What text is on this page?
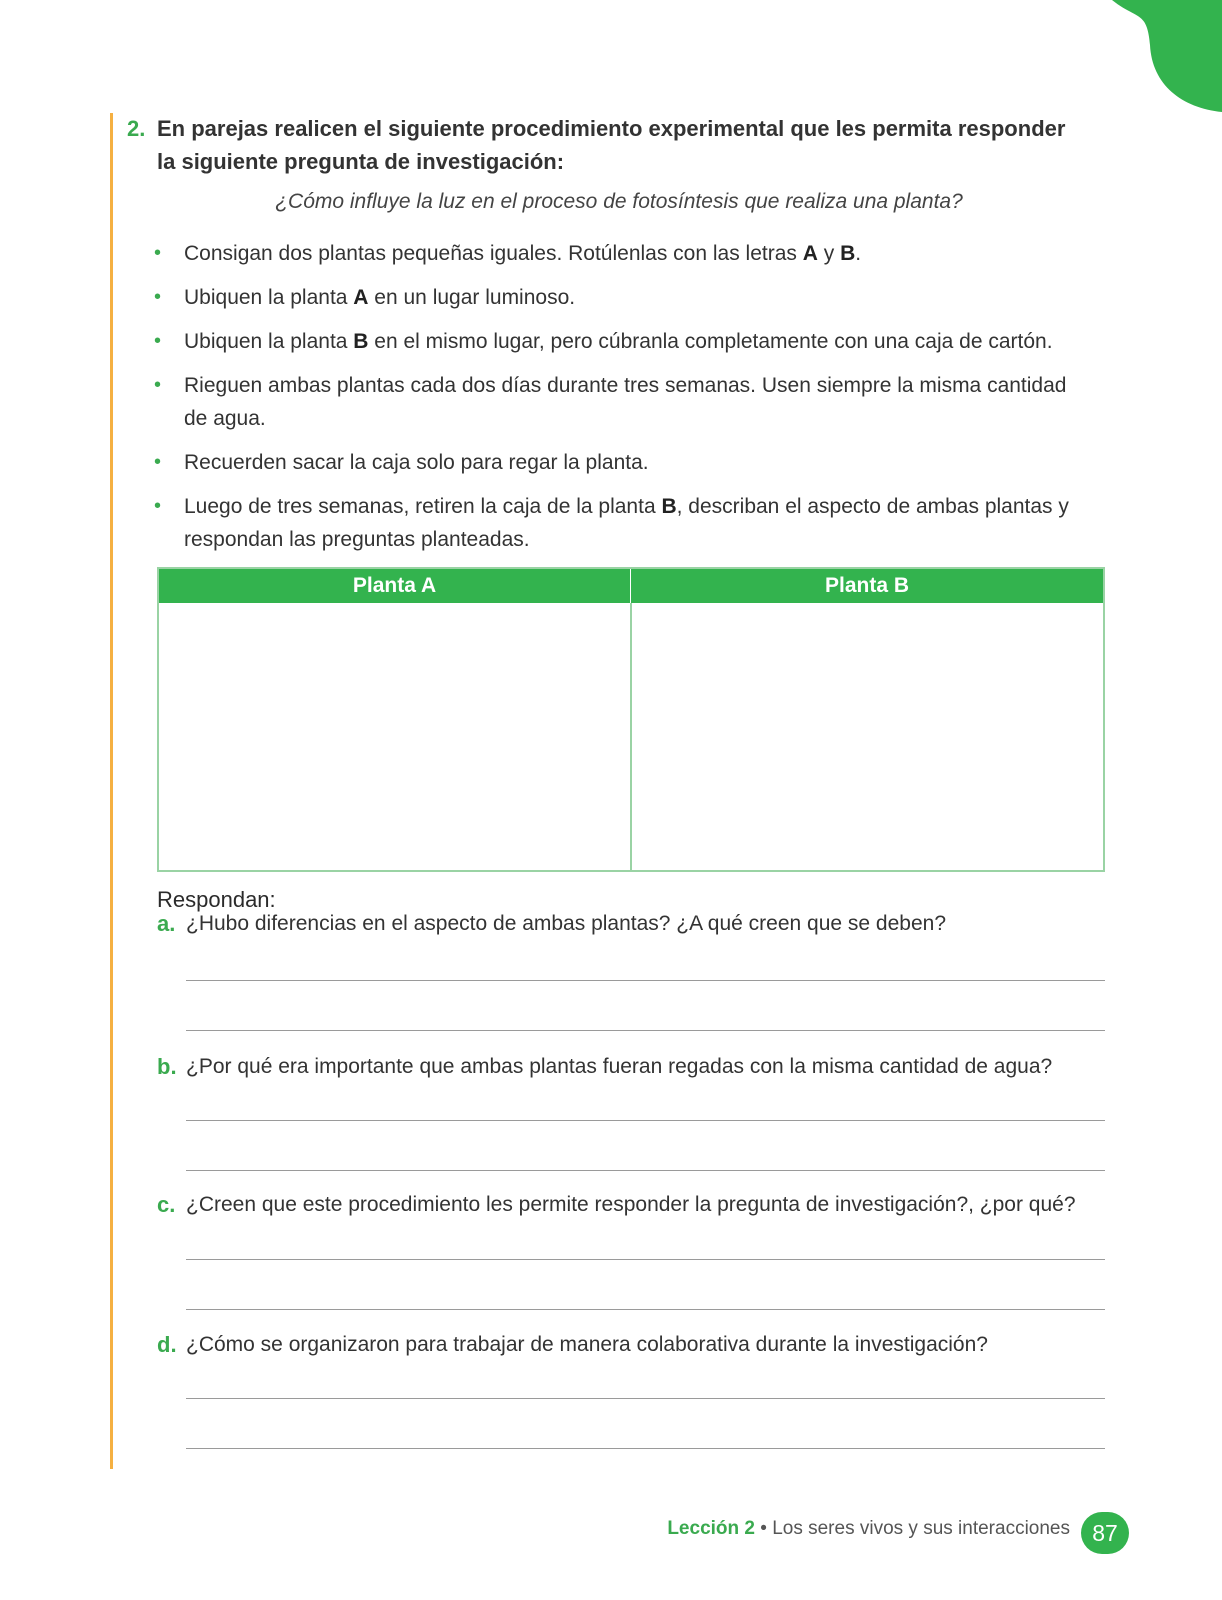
2. En parejas realicen el siguiente procedimiento experimental que les permita responder la siguiente pregunta de investigación:
¿Cómo influye la luz en el proceso de fotosíntesis que realiza una planta?
• Consigan dos plantas pequeñas iguales. Rotúlenlas con las letras A y B.
• Ubiquen la planta A en un lugar luminoso.
• Ubiquen la planta B en el mismo lugar, pero cúbranla completamente con una caja de cartón.
• Rieguen ambas plantas cada dos días durante tres semanas. Usen siempre la misma cantidad de agua.
• Recuerden sacar la caja solo para regar la planta.
• Luego de tres semanas, retiren la caja de la planta B, describan el aspecto de ambas plantas y respondan las preguntas planteadas.
Planta A	Planta B
Respondan:
a. ¿Hubo diferencias en el aspecto de ambas plantas? ¿A qué creen que se deben?
b. ¿Por qué era importante que ambas plantas fueran regadas con la misma cantidad de agua?
c. ¿Creen que este procedimiento les permite responder la pregunta de investigación?, ¿por qué?
d. ¿Cómo se organizaron para trabajar de manera colaborativa durante la investigación?
Lección 2 • Los seres vivos y sus interacciones 87
